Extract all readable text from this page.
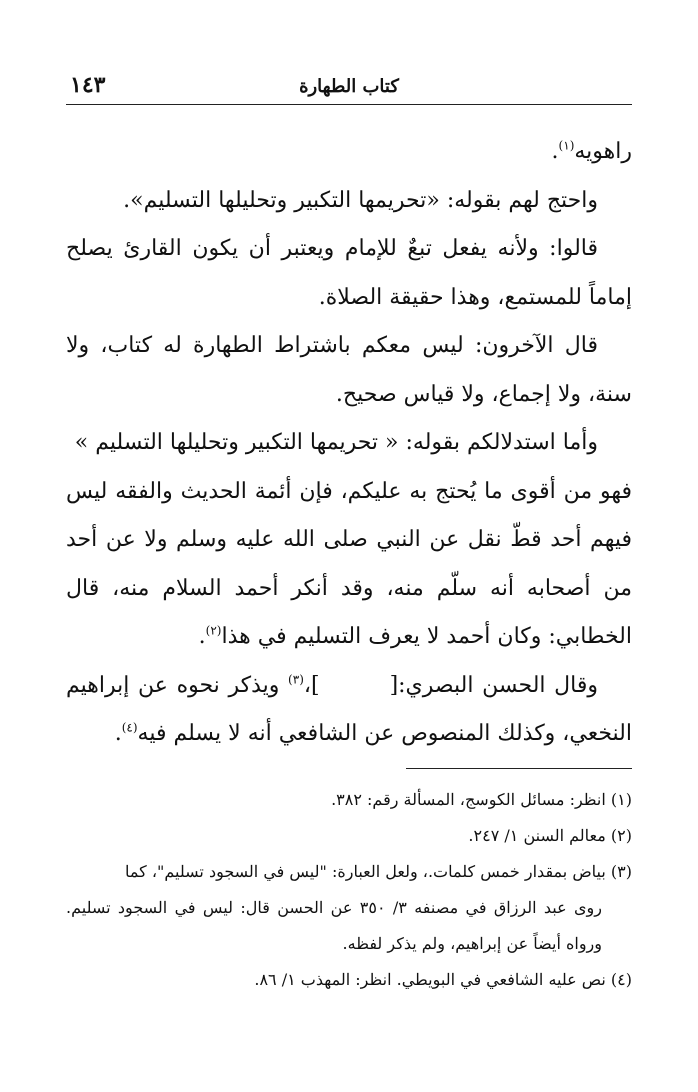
كتاب الطهارة
١٤٣

راهويه$^{(١)}$.

واحتج لهم بقوله: «تحريمها التكبير وتحليلها التسليم».

قالوا: ولأنه يفعل تبعٌ للإمام ويعتبر أن يكون القارئ يصلح إماماً للمستمع، وهذا حقيقة الصلاة.

قال الآخرون: ليس معكم باشتراط الطهارة له كتاب، ولا سنة، ولا إجماع، ولا قياس صحيح.

وأما استدلالكم بقوله: « تحريمها التكبير وتحليلها التسليم »

فهو من أقوى ما يُحتج به عليكم، فإن أئمة الحديث والفقه ليس فيهم أحد قطّ نقل عن النبي صلى الله عليه وسلم ولا عن أحد من أصحابه أنه سلّم منه، وقد أنكر أحمد السلام منه، قال الخطابي: وكان أحمد لا يعرف التسليم في هذا$^{(٢)}$.

وقال الحسن البصري:[]،$^{(٣)}$ ويذكر نحوه عن إبراهيم النخعي، وكذلك المنصوص عن الشافعي أنه لا يسلم فيه$^{(٤)}$.

(١) انظر: مسائل الكوسج، المسألة رقم: ٣٨٢.

(٢) معالم السنن ١/ ٢٤٧.

(٣) بياض بمقدار خمس كلمات.، ولعل العبارة: "ليس في السجود تسليم"، كما

روى عبد الرزاق في مصنفه ٣/ ٣٥٠ عن الحسن قال: ليس في السجود تسليم. ورواه أيضاً عن إبراهيم، ولم يذكر لفظه.

(٤) نص عليه الشافعي في البويطي. انظر: المهذب ١/ ٨٦.
